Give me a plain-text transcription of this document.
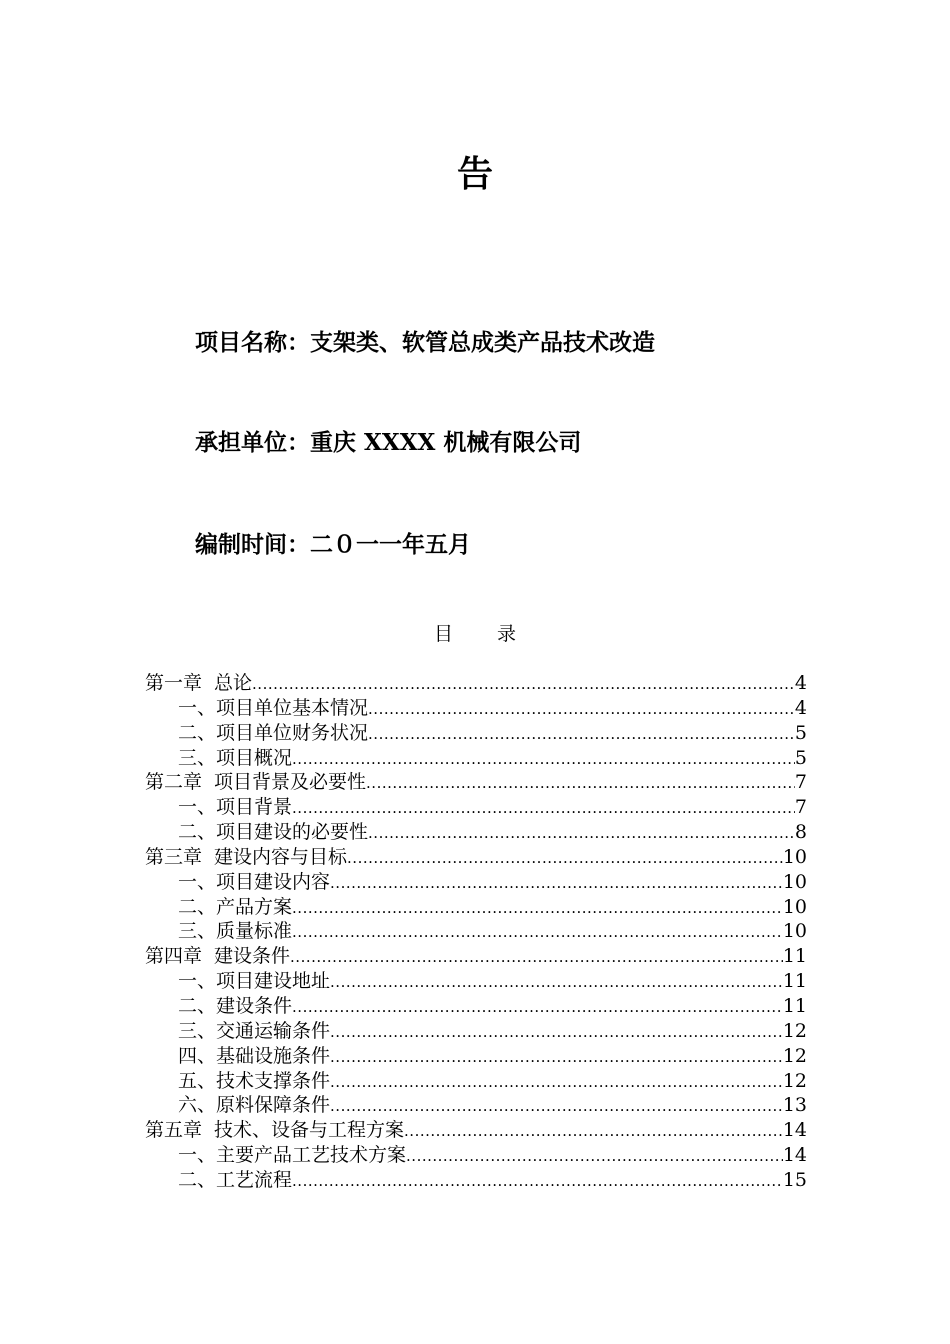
告
项目名称：支架类、软管总成类产品技术改造
承担单位：重庆 XXXX 机械有限公司
编制时间：二０一一年五月
目 录
第一章 总论 .....	4
一、项目单位基本情况 .....	4
二、项目单位财务状况 .....	5
三、项目概况 .....	5
第二章 项目背景及必要性 .....	7
一、项目背景 .....	7
二、项目建设的必要性 .....	8
第三章 建设内容与目标 .....	10
一、项目建设内容 .....	10
二、产品方案 .....	10
三、质量标准 .....	10
第四章 建设条件 .....	11
一、项目建设地址 .....	11
二、建设条件 .....	11
三、交通运输条件 .....	12
四、基础设施条件 .....	12
五、技术支撑条件 .....	12
六、原料保障条件 .....	13
第五章 技术、设备与工程方案 .....	14
一、主要产品工艺技术方案 .....	14
二、工艺流程 .....	15
